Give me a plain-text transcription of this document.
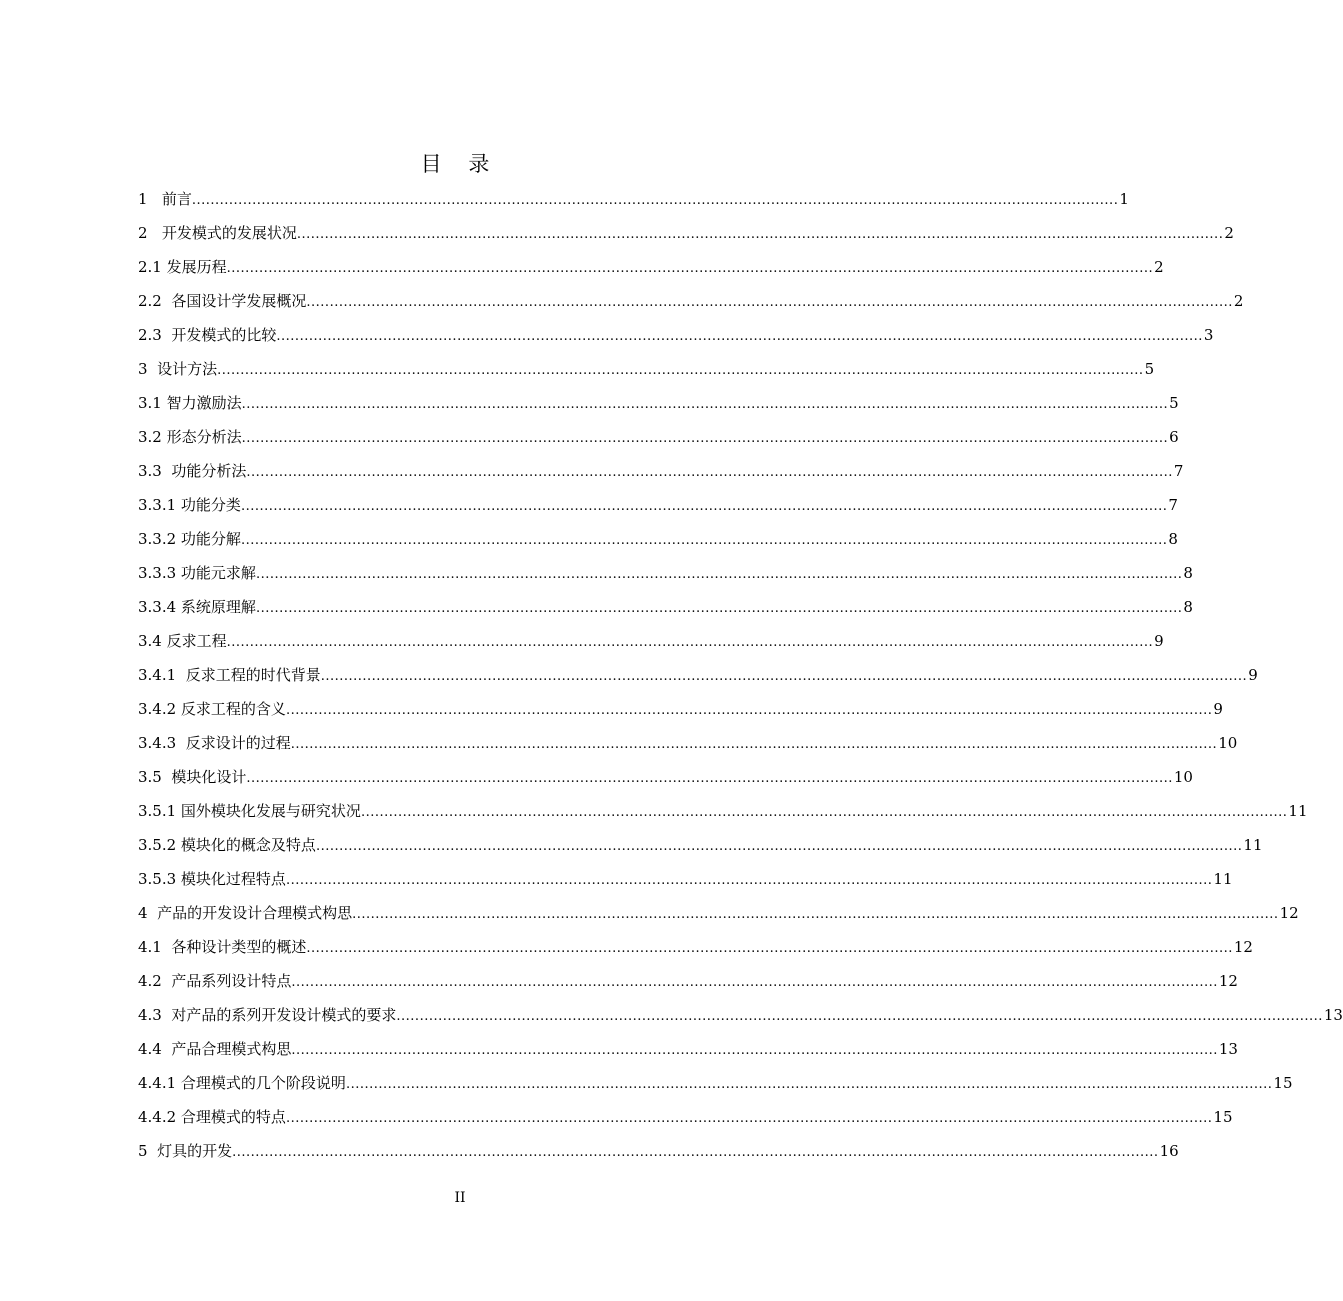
目 录
1   前言 ........................................................................................................................................................................................................ 1
2   开发模式的发展状况 ........................................................................................................................................................................................................ 2
2.1 发展历程 ........................................................................................................................................................................................................ 2
2.2  各国设计学发展概况 ........................................................................................................................................................................................................ 2
2.3  开发模式的比较 ........................................................................................................................................................................................................ 3
3  设计方法 ........................................................................................................................................................................................................ 5
3.1 智力激励法 ........................................................................................................................................................................................................ 5
3.2 形态分析法 ........................................................................................................................................................................................................ 6
3.3  功能分析法 ........................................................................................................................................................................................................ 7
3.3.1 功能分类 ........................................................................................................................................................................................................ 7
3.3.2 功能分解 ........................................................................................................................................................................................................ 8
3.3.3 功能元求解 ........................................................................................................................................................................................................ 8
3.3.4 系统原理解 ........................................................................................................................................................................................................ 8
3.4 反求工程 ........................................................................................................................................................................................................ 9
3.4.1  反求工程的时代背景 ........................................................................................................................................................................................................ 9
3.4.2 反求工程的含义 ........................................................................................................................................................................................................ 9
3.4.3  反求设计的过程 ........................................................................................................................................................................................................ 10
3.5  模块化设计 ........................................................................................................................................................................................................ 10
3.5.1 国外模块化发展与研究状况 ........................................................................................................................................................................................................ 11
3.5.2 模块化的概念及特点 ........................................................................................................................................................................................................ 11
3.5.3 模块化过程特点 ........................................................................................................................................................................................................ 11
4  产品的开发设计合理模式构思 ........................................................................................................................................................................................................ 12
4.1  各种设计类型的概述 ........................................................................................................................................................................................................ 12
4.2  产品系列设计特点 ........................................................................................................................................................................................................ 12
4.3  对产品的系列开发设计模式的要求 ........................................................................................................................................................................................................ 13
4.4  产品合理模式构思 ........................................................................................................................................................................................................ 13
4.4.1 合理模式的几个阶段说明 ........................................................................................................................................................................................................ 15
4.4.2 合理模式的特点 ........................................................................................................................................................................................................ 15
5  灯具的开发 ........................................................................................................................................................................................................ 16
II
